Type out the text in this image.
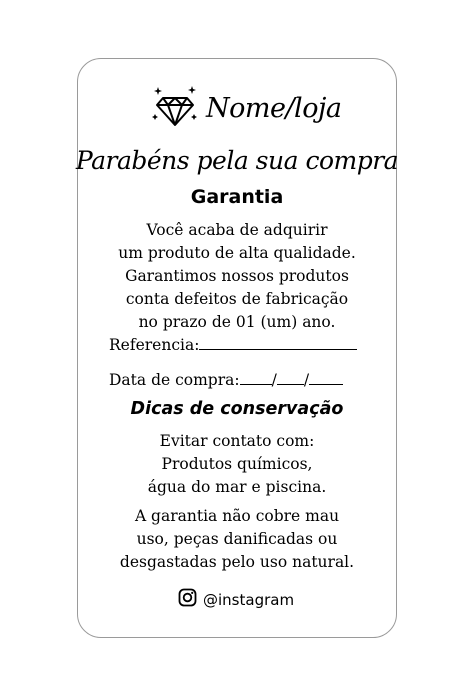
Nome/loja
Parabéns pela sua compra
Garantia
Você acaba de adquirir
um produto de alta qualidade.
Garantimos nossos produtos
conta defeitos de fabricação
no prazo de 01 (um) ano.
Referencia:
Data de compra: / /
Dicas de conservação
Evitar contato com:
Produtos químicos,
água do mar e piscina.
A garantia não cobre mau
uso, peças danificadas ou
desgastadas pelo uso natural.
@instagram
